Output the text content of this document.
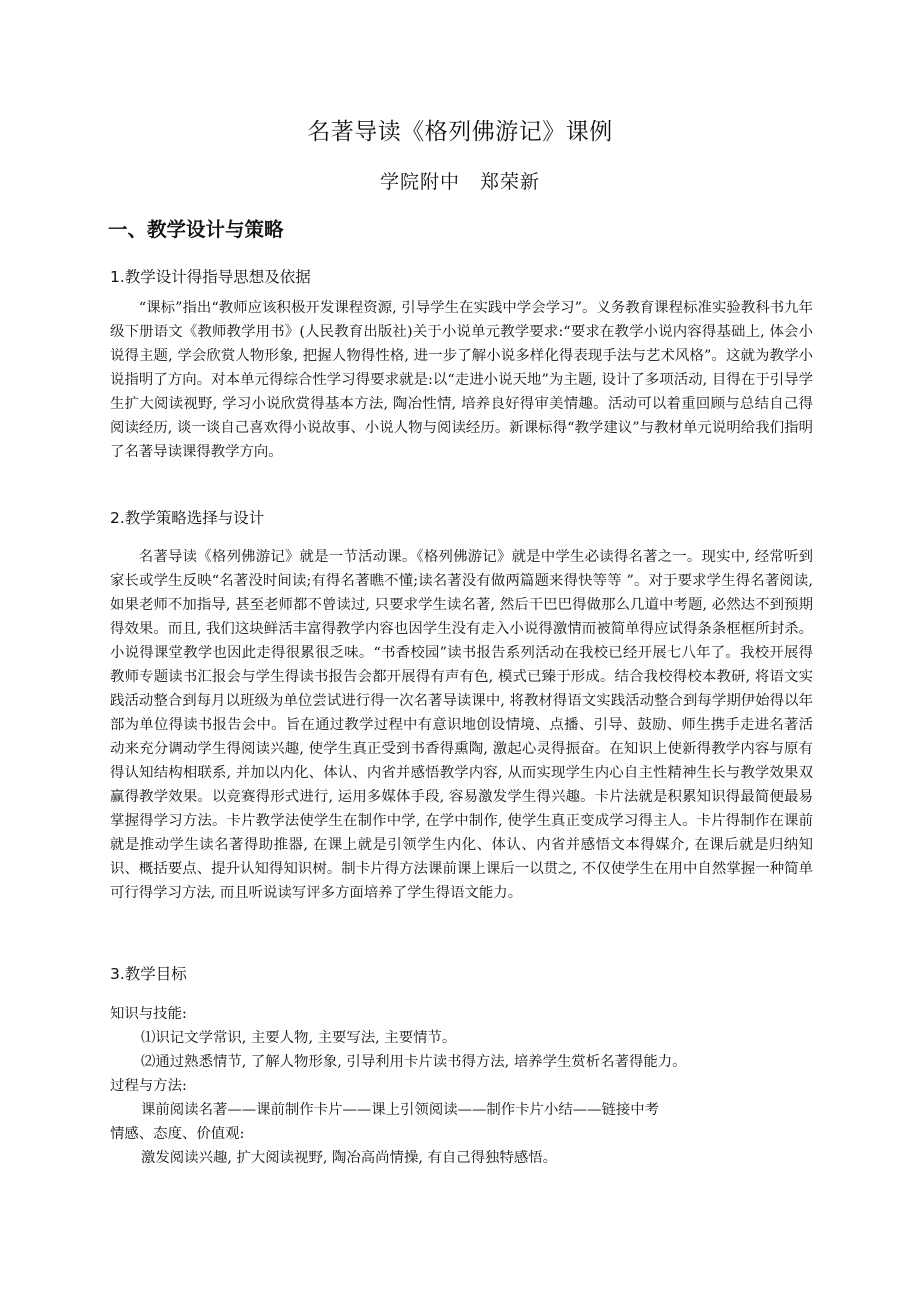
名著导读《格列佛游记》课例
学院附中　郑荣新
一、教学设计与策略
1.教学设计得指导思想及依据

“课标”指出“教师应该积极开发课程资源, 引导学生在实践中学会学习”。义务教育课程标准实验教科书九年级下册语文《教师教学用书》(人民教育出版社)关于小说单元教学要求:“要求在教学小说内容得基础上, 体会小说得主题, 学会欣赏人物形象, 把握人物得性格, 进一步了解小说多样化得表现手法与艺术风格”。这就为教学小说指明了方向。对本单元得综合性学习得要求就是:以“走进小说天地”为主题, 设计了多项活动, 目得在于引导学生扩大阅读视野, 学习小说欣赏得基本方法, 陶冶性情, 培养良好得审美情趣。活动可以着重回顾与总结自己得阅读经历, 谈一谈自己喜欢得小说故事、小说人物与阅读经历。新课标得“教学建议”与教材单元说明给我们指明了名著导读课得教学方向。

2.教学策略选择与设计

名著导读《格列佛游记》就是一节活动课。《格列佛游记》就是中学生必读得名著之一。现实中, 经常听到家长或学生反映“名著没时间读;有得名著瞧不懂;读名著没有做两篇题来得快等等 ”。对于要求学生得名著阅读, 如果老师不加指导, 甚至老师都不曾读过, 只要求学生读名著, 然后干巴巴得做那么几道中考题, 必然达不到预期得效果。而且, 我们这块鲜活丰富得教学内容也因学生没有走入小说得激情而被简单得应试得条条框框所封杀。小说得课堂教学也因此走得很累很乏味。“书香校园”读书报告系列活动在我校已经开展七八年了。我校开展得教师专题读书汇报会与学生得读书报告会都开展得有声有色, 模式已臻于形成。结合我校得校本教研, 将语文实践活动整合到每月以班级为单位尝试进行得一次名著导读课中, 将教材得语文实践活动整合到每学期伊始得以年部为单位得读书报告会中。旨在通过教学过程中有意识地创设情境、点播、引导、鼓励、师生携手走进名著活动来充分调动学生得阅读兴趣, 使学生真正受到书香得熏陶, 激起心灵得振奋。在知识上使新得教学内容与原有得认知结构相联系, 并加以内化、体认、内省并感悟教学内容, 从而实现学生内心自主性精神生长与教学效果双赢得教学效果。以竞赛得形式进行, 运用多媒体手段, 容易激发学生得兴趣。卡片法就是积累知识得最简便最易掌握得学习方法。卡片教学法使学生在制作中学, 在学中制作, 使学生真正变成学习得主人。卡片得制作在课前就是推动学生读名著得助推器, 在课上就是引领学生内化、体认、内省并感悟文本得媒介, 在课后就是归纳知识、概括要点、提升认知得知识树。制卡片得方法课前课上课后一以贯之, 不仅使学生在用中自然掌握一种简单可行得学习方法, 而且听说读写评多方面培养了学生得语文能力。

3.教学目标
知识与技能:
⑴识记文学常识, 主要人物, 主要写法, 主要情节。
⑵通过熟悉情节, 了解人物形象, 引导利用卡片读书得方法, 培养学生赏析名著得能力。
过程与方法:
课前阅读名著——课前制作卡片——课上引领阅读——制作卡片小结——链接中考
情感、态度、价值观:
激发阅读兴趣, 扩大阅读视野, 陶冶高尚情操, 有自己得独特感悟。
